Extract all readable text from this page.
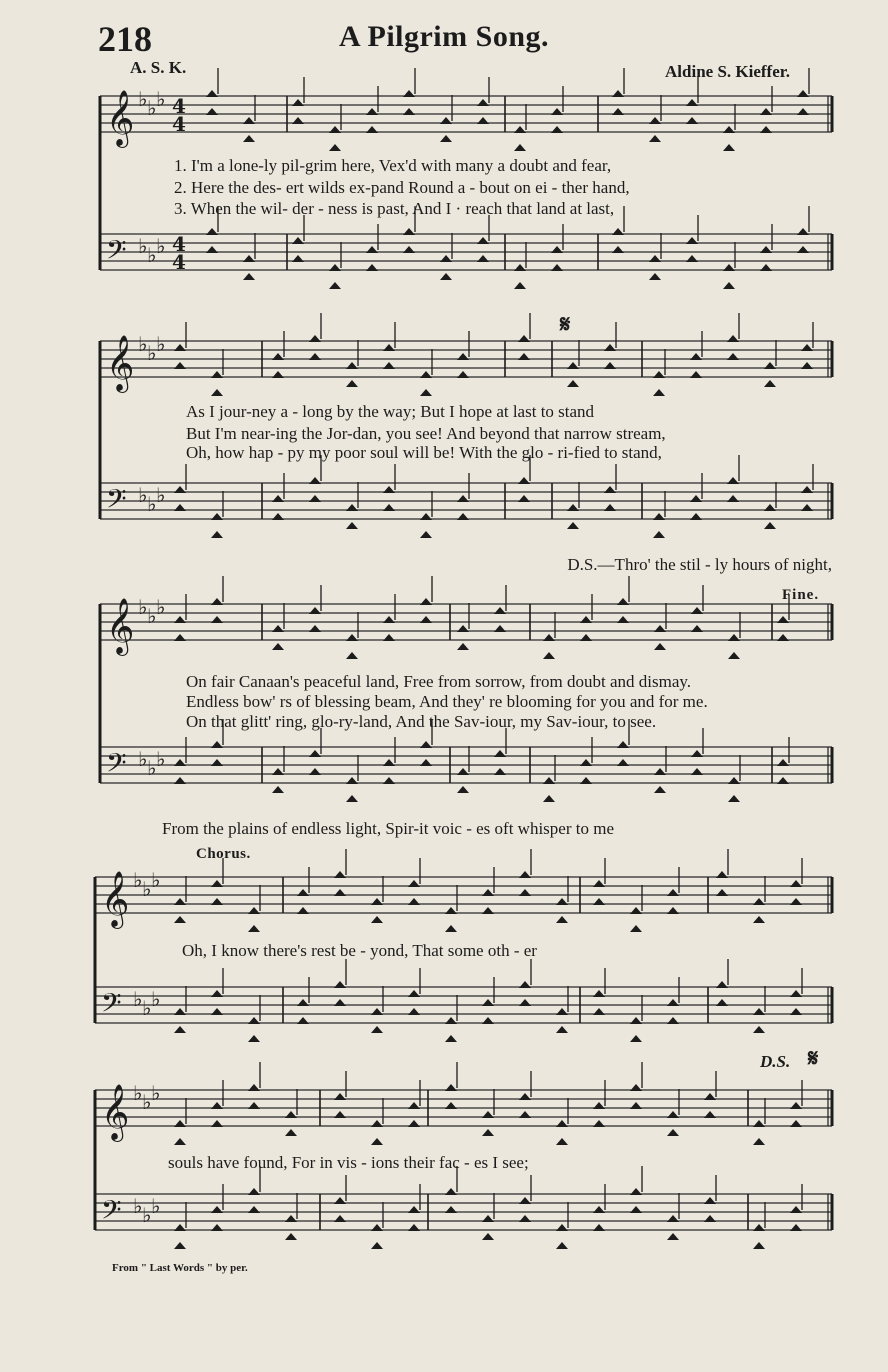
218	A Pilgrim Song.
A. S. K.	Aldine S. Kieffer.
𝄞 ♭ ♭ ♭ 4
4
𝄢 ♭ ♭ ♭ 4
4
𝄞 ♭ ♭ ♭
𝄢 ♭ ♭ ♭
𝄞 ♭ ♭ ♭
𝄢 ♭ ♭ ♭
𝄞 ♭ ♭ ♭
𝄢 ♭ ♭ ♭
𝄞 ♭ ♭ ♭
𝄢 ♭ ♭ ♭
1. I'm a lone-ly pil-grim here, Vex'd with many a doubt and fear,
2. Here the des- ert wilds ex-pand Round a - bout on ei - ther hand,
3. When the wil- der - ness is past, And I · reach that land at last,
𝄋
As I jour-ney a - long by the way; But I hope at last to stand
But I'm near-ing the Jor-dan, you see! And beyond that narrow stream,
Oh, how hap - py my poor soul will be! With the glo - ri-fied to stand,
D.S.—Thro' the stil - ly hours of night,
Fine.
On fair Canaan's peaceful land, Free from sorrow, from doubt and dismay.
Endless bow' rs of blessing beam, And they' re blooming for you and for me.
On that glitt' ring, glo-ry-land, And the Sav-iour, my Sav-iour, to see.
From the plains of endless light, Spir-it voic - es oft whisper to me
Chorus.
Oh, I know there's rest be - yond, That some oth - er
D.S. 𝄋
souls have found, For in vis - ions their fac - es I see;
From " Last Words " by per.
